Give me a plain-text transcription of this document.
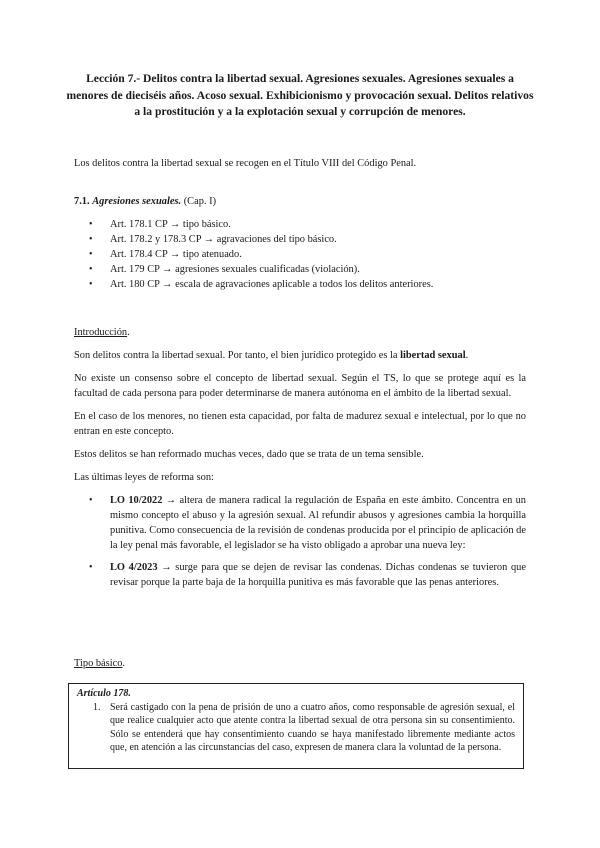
Lección 7.- Delitos contra la libertad sexual. Agresiones sexuales. Agresiones sexuales a menores de dieciséis años. Acoso sexual. Exhibicionismo y provocación sexual. Delitos relativos a la prostitución y a la explotación sexual y corrupción de menores.

Los delitos contra la libertad sexual se recogen en el Título VIII del Código Penal.

7.1. Agresiones sexuales. (Cap. I)

• Art. 178.1 CP → tipo básico.
• Art. 178.2 y 178.3 CP → agravaciones del tipo básico.
• Art. 178.4 CP → tipo atenuado.
• Art. 179 CP → agresiones sexuales cualificadas (violación).
• Art. 180 CP → escala de agravaciones aplicable a todos los delitos anteriores.

Introducción.

Son delitos contra la libertad sexual. Por tanto, el bien jurídico protegido es la libertad sexual.

No existe un consenso sobre el concepto de libertad sexual. Según el TS, lo que se protege aquí es la facultad de cada persona para poder determinarse de manera autónoma en el ámbito de la libertad sexual.

En el caso de los menores, no tienen esta capacidad, por falta de madurez sexual e intelectual, por lo que no entran en este concepto.

Estos delitos se han reformado muchas veces, dado que se trata de un tema sensible.

Las últimas leyes de reforma son:

• LO 10/2022 → altera de manera radical la regulación de España en este ámbito. Concentra en un mismo concepto el abuso y la agresión sexual. Al refundir abusos y agresiones cambia la horquilla punitiva. Como consecuencia de la revisión de condenas producida por el principio de aplicación de la ley penal más favorable, el legislador se ha visto obligado a aprobar una nueva ley:
• LO 4/2023 → surge para que se dejen de revisar las condenas. Dichas condenas se tuvieron que revisar porque la parte baja de la horquilla punitiva es más favorable que las penas anteriores.

Tipo básico.

Artículo 178.
1. Será castigado con la pena de prisión de uno a cuatro años, como responsable de agresión sexual, el que realice cualquier acto que atente contra la libertad sexual de otra persona sin su consentimiento. Sólo se entenderá que hay consentimiento cuando se haya manifestado libremente mediante actos que, en atención a las circunstancias del caso, expresen de manera clara la voluntad de la persona.
